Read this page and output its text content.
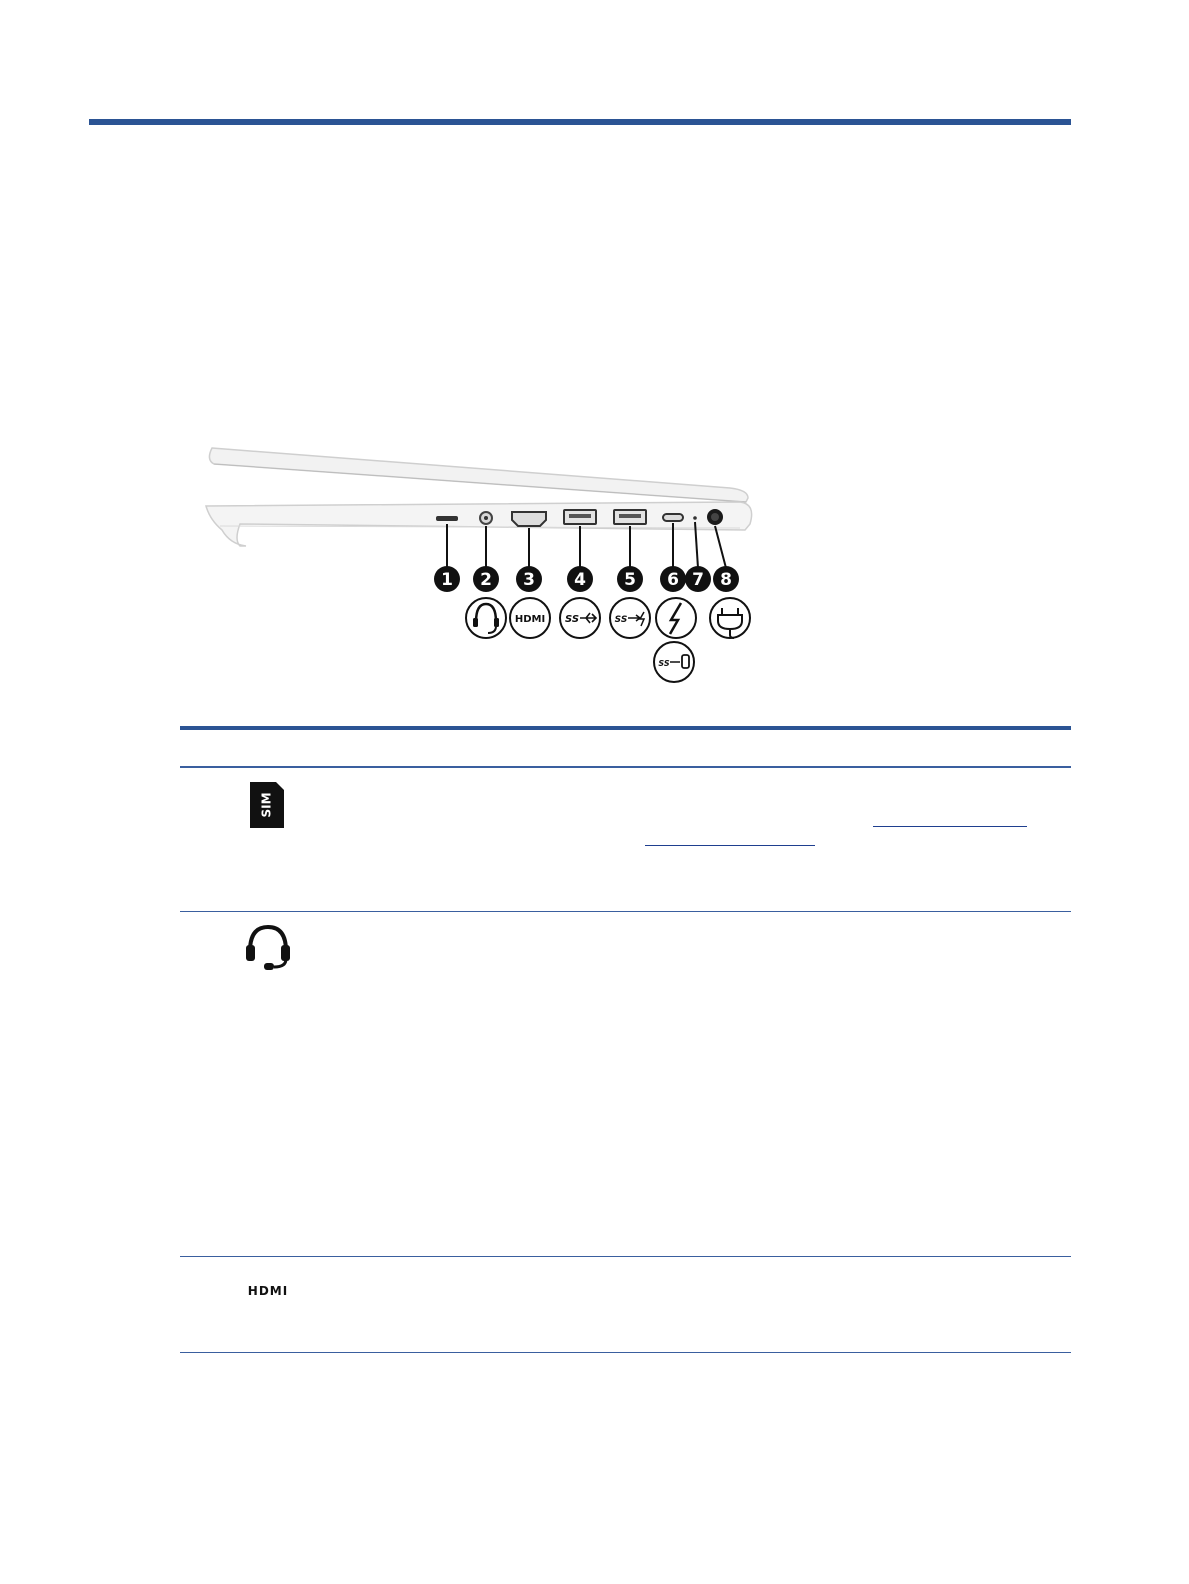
1 2 3 4 5 6 7 8
HDMI SS	SS
SS
SIM
HDMI
